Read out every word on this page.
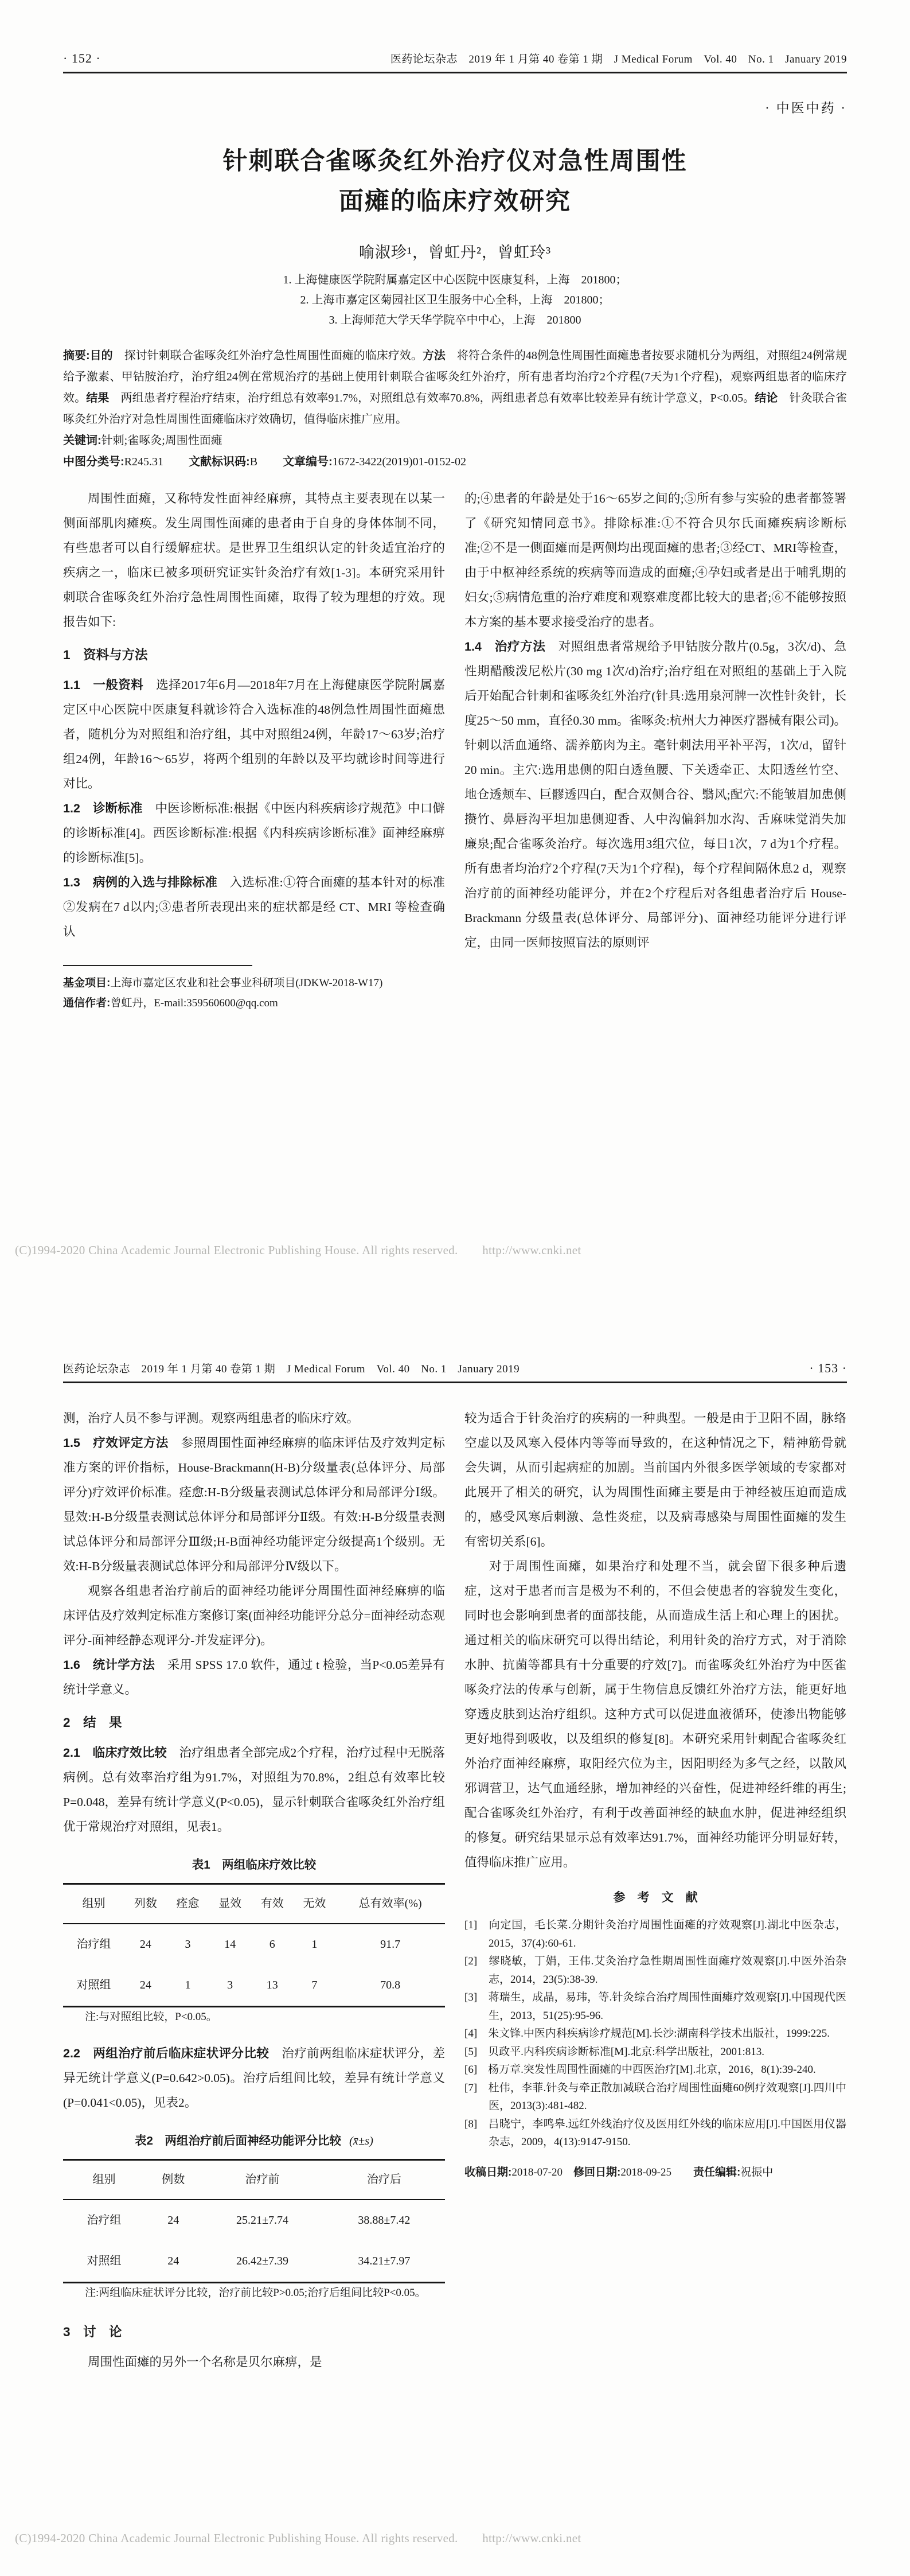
· 152 ·	医药论坛杂志　2019 年 1 月第 40 卷第 1 期　J Medical Forum　Vol. 40　No. 1　January 2019
· 中医中药 ·
针刺联合雀啄灸红外治疗仪对急性周围性
面瘫的临床疗效研究
喻淑珍¹，曾虹丹²，曾虹玲³
1. 上海健康医学院附属嘉定区中心医院中医康复科，上海　201800；
2. 上海市嘉定区菊园社区卫生服务中心全科，上海　201800；
3. 上海师范大学天华学院卒中中心，上海　201800

摘要:目的　探讨针刺联合雀啄灸红外治疗急性周围性面瘫的临床疗效。方法　将符合条件的48例急性周围性面瘫患者按要求随机分为两组，对照组24例常规给予激素、甲钴胺治疗，治疗组24例在常规治疗的基础上使用针刺联合雀啄灸红外治疗，所有患者均治疗2个疗程(7天为1个疗程)，观察两组患者的临床疗效。结果　两组患者疗程治疗结束，治疗组总有效率91.7%，对照组总有效率70.8%，两组患者总有效率比较差异有统计学意义，P<0.05。结论　针灸联合雀啄灸红外治疗对急性周围性面瘫临床疗效确切，值得临床推广应用。

关键词:针刺;雀啄灸;周围性面瘫

中图分类号:R245.31 文献标识码:B 文章编号:1672-3422(2019)01-0152-02

周围性面瘫，又称特发性面神经麻痹，其特点主要表现在以某一侧面部肌肉瘫痪。发生周围性面瘫的患者由于自身的身体体制不同，有些患者可以自行缓解症状。是世界卫生组织认定的针灸适宜治疗的疾病之一，临床已被多项研究证实针灸治疗有效[1-3]。本研究采用针刺联合雀啄灸红外治疗急性周围性面瘫，取得了较为理想的疗效。现报告如下:

1　资料与方法

1.1　一般资料　选择2017年6月—2018年7月在上海健康医学院附属嘉定区中心医院中医康复科就诊符合入选标准的48例急性周围性面瘫患者，随机分为对照组和治疗组，其中对照组24例，年龄17～63岁;治疗组24例，年龄16～65岁，将两个组别的年龄以及平均就诊时间等进行对比。

1.2　诊断标准　中医诊断标准:根据《中医内科疾病诊疗规范》中口僻的诊断标准[4]。西医诊断标准:根据《内科疾病诊断标准》面神经麻痹的诊断标准[5]。

1.3　病例的入选与排除标准　入选标准:①符合面瘫的基本针对的标准②发病在7 d以内;③患者所表现出来的症状都是经 CT、MRI 等检查确认

基金项目:上海市嘉定区农业和社会事业科研项目(JDKW-2018-W17)

通信作者:曾虹丹，E-mail:359560600@qq.com

的;④患者的年龄是处于16～65岁之间的;⑤所有参与实验的患者都签署了《研究知情同意书》。排除标准:①不符合贝尔氏面瘫疾病诊断标准;②不是一侧面瘫而是两侧均出现面瘫的患者;③经CT、MRI等检查，由于中枢神经系统的疾病等而造成的面瘫;④孕妇或者是出于哺乳期的妇女;⑤病情危重的治疗难度和观察难度都比较大的患者;⑥不能够按照本方案的基本要求接受治疗的患者。

1.4　治疗方法　对照组患者常规给予甲钴胺分散片(0.5g，3次/d)、急性期醋酸泼尼松片(30 mg 1次/d)治疗;治疗组在对照组的基础上于入院后开始配合针刺和雀啄灸红外治疗(针具:选用泉河牌一次性针灸针，长度25～50 mm，直径0.30 mm。雀啄灸:杭州大力神医疗器械有限公司)。针刺以活血通络、濡养筋肉为主。毫针刺法用平补平泻，1次/d，留针20 min。主穴:选用患侧的阳白透鱼腰、下关透牵正、太阳透丝竹空、地仓透颊车、巨髎透四白，配合双侧合谷、翳风;配穴:不能皱眉加患侧攒竹、鼻唇沟平坦加患侧迎香、人中沟偏斜加水沟、舌麻味觉消失加廉泉;配合雀啄灸治疗。每次选用3组穴位，每日1次，7 d为1个疗程。所有患者均治疗2个疗程(7天为1个疗程)，每个疗程间隔休息2 d，观察治疗前的面神经功能评分，并在2个疗程后对各组患者治疗后 House-Brackmann 分级量表(总体评分、局部评分)、面神经功能评分进行评定，由同一医师按照盲法的原则评

(C)1994-2020 China Academic Journal Electronic Publishing House. All rights reserved.　　http://www.cnki.net
医药论坛杂志　2019 年 1 月第 40 卷第 1 期　J Medical Forum　Vol. 40　No. 1　January 2019	· 153 ·

测，治疗人员不参与评测。观察两组患者的临床疗效。

1.5　疗效评定方法　参照周围性面神经麻痹的临床评估及疗效判定标准方案的评价指标，House-Brackmann(H-B)分级量表(总体评分、局部评分)疗效评价标准。痊愈:H-B分级量表测试总体评分和局部评分Ⅰ级。显效:H-B分级量表测试总体评分和局部评分Ⅱ级。有效:H-B分级量表测试总体评分和局部评分Ⅲ级;H-B面神经功能评定分级提高1个级别。无效:H-B分级量表测试总体评分和局部评分Ⅳ级以下。

观察各组患者治疗前后的面神经功能评分周围性面神经麻痹的临床评估及疗效判定标准方案修订案(面神经功能评分总分=面神经动态观评分-面神经静态观评分-并发症评分)。

1.6　统计学方法　采用 SPSS 17.0 软件，通过 t 检验，当P<0.05差异有统计学意义。

2　结　果

2.1　临床疗效比较　治疗组患者全部完成2个疗程，治疗过程中无脱落病例。总有效率治疗组为91.7%，对照组为70.8%，2组总有效率比较 P=0.048，差异有统计学意义(P<0.05)，显示针刺联合雀啄灸红外治疗组优于常规治疗对照组，见表1。

表1　两组临床疗效比较
组别	列数	痊愈	显效	有效	无效	总有效率(%)
治疗组	24	3	14	6	1	91.7
对照组	24	1	3	13	7	70.8

注:与对照组比较，P<0.05。

2.2　两组治疗前后临床症状评分比较　治疗前两组临床症状评分，差异无统计学意义(P=0.642>0.05)。治疗后组间比较，差异有统计学意义(P=0.041<0.05)，见表2。

表2　两组治疗前后面神经功能评分比较 (x̄±s)
组别	例数	治疗前	治疗后
治疗组	24	25.21±7.74	38.88±7.42
对照组	24	26.42±7.39	34.21±7.97

注:两组临床症状评分比较，治疗前比较P>0.05;治疗后组间比较P<0.05。

3　讨　论

周围性面瘫的另外一个名称是贝尔麻痹，是

较为适合于针灸治疗的疾病的一种典型。一般是由于卫阳不固，脉络空虚以及风寒入侵体内等等而导致的，在这种情况之下，精神筋骨就会失调，从而引起病症的加剧。当前国内外很多医学领域的专家都对此展开了相关的研究，认为周围性面瘫主要是由于神经被压迫而造成的，感受风寒后刺激、急性炎症，以及病毒感染与周围性面瘫的发生有密切关系[6]。

对于周围性面瘫，如果治疗和处理不当，就会留下很多种后遗症，这对于患者而言是极为不利的，不但会使患者的容貌发生变化，同时也会影响到患者的面部技能，从而造成生活上和心理上的困扰。通过相关的临床研究可以得出结论，利用针灸的治疗方式，对于消除水肿、抗菌等都具有十分重要的疗效[7]。而雀啄灸红外治疗为中医雀啄灸疗法的传承与创新，属于生物信息反馈红外治疗方法，能更好地穿透皮肤到达治疗组织。这种方式可以促进血液循环，使渗出物能够更好地得到吸收，以及组织的修复[8]。本研究采用针刺配合雀啄灸红外治疗面神经麻痹，取阳经穴位为主，因阳明经为多气之经，以散风邪调营卫，达气血通经脉，增加神经的兴奋性，促进神经纤维的再生;配合雀啄灸红外治疗，有利于改善面神经的缺血水肿，促进神经组织的修复。研究结果显示总有效率达91.7%，面神经功能评分明显好转，值得临床推广应用。

参　考　文　献

[1]　向定国，毛长菜.分期针灸治疗周围性面瘫的疗效观察[J].湖北中医杂志，2015，37(4):60-61.

[2]　缪晓敏，丁娟，王伟.艾灸治疗急性期周围性面瘫疗效观察[J].中医外治杂志，2014，23(5):38-39.

[3]　蒋瑞生，成晶，易玮，等.针灸综合治疗周围性面瘫疗效观察[J].中国现代医生，2013，51(25):95-96.

[4]　朱文锋.中医内科疾病诊疗规范[M].长沙:湖南科学技术出版社，1999:225.

[5]　贝政平.内科疾病诊断标准[M].北京:科学出版社，2001:813.

[6]　杨万章.突发性周围性面瘫的中西医治疗[M].北京，2016，8(1):39-240.

[7]　杜伟，李菲.针灸与牵正散加减联合治疗周围性面瘫60例疗效观察[J].四川中医，2013(3):481-482.

[8]　吕晓宁，李鸣皋.远红外线治疗仪及医用红外线的临床应用[J].中国医用仪器杂志，2009，4(13):9147-9150.

收稿日期:2018-07-20　修回日期:2018-09-25　　责任编辑:祝振中
(C)1994-2020 China Academic Journal Electronic Publishing House. All rights reserved.　　http://www.cnki.net
